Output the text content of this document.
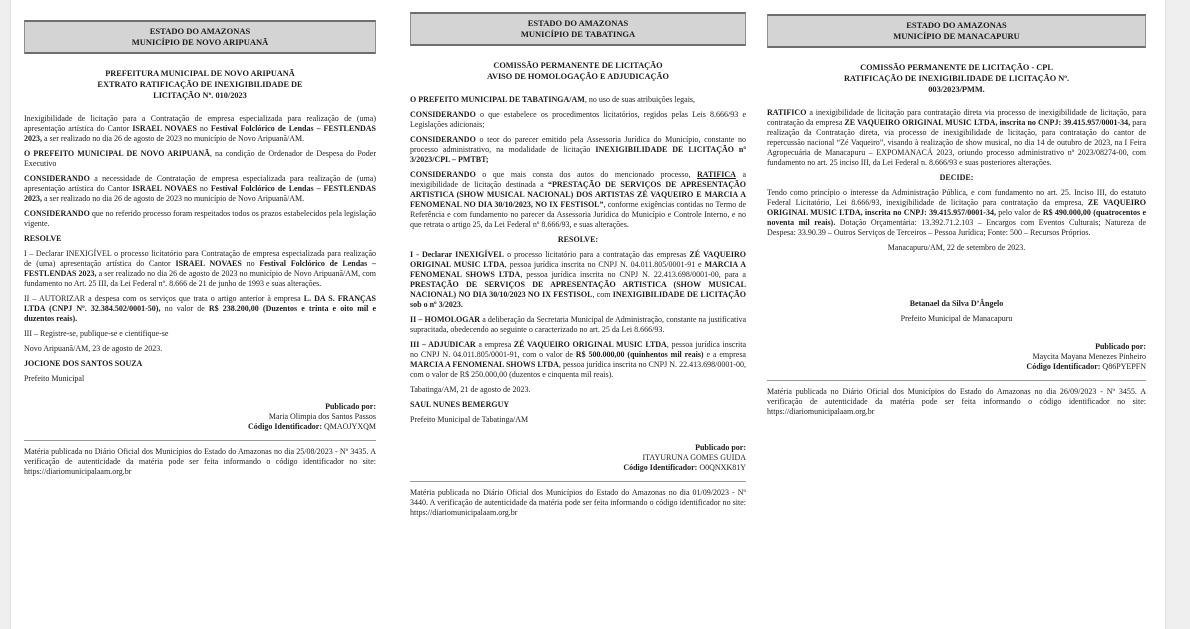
ESTADO DO AMAZONAS
MUNICÍPIO DE NOVO ARIPUANÃ
PREFEITURA MUNICIPAL DE NOVO ARIPUANÃ
EXTRATO RATIFICAÇÃO DE INEXIGIBILIDADE DE
LICITAÇÃO Nº. 010/2023

Inexigibilidade de licitação para a Contratação de empresa especializada para realização de (uma) apresentação artística do Cantor ISRAEL NOVAES no Festival Folclórico de Lendas – FESTLENDAS 2023, a ser realizado no dia 26 de agosto de 2023 no município de Novo Aripuanã/AM.

O PREFEITO MUNICIPAL DE NOVO ARIPUANÃ, na condição de Ordenador de Despesa do Poder Executivo

CONSIDERANDO a necessidade de Contratação de empresa especializada para realização de (uma) apresentação artística do Cantor ISRAEL NOVAES no Festival Folclórico de Lendas – FESTLENDAS 2023, a ser realizado no dia 26 de agosto de 2023 no município de Novo Aripuanã/AM.

CONSIDERANDO que no referido processo foram respeitados todos os prazos estabelecidos pela legislação vigente.

RESOLVE

I – Declarar INEXIGÍVEL o processo licitatório para Contratação de empresa especializada para realização de (uma) apresentação artística do Cantor ISRAEL NOVAES no Festival Folclórico de Lendas – FESTLENDAS 2023, a ser realizado no dia 26 de agosto de 2023 no município de Novo Aripuanã/AM, com fundamento no Art. 25 III, da Lei Federal nº. 8.666 de 21 de junho de 1993 e suas alterações.

II – AUTORIZAR a despesa com os serviços que trata o artigo anterior à empresa L. DA S. FRANÇAS LTDA (CNPJ Nº. 32.384.502/0001-50), no valor de R$ 238.200,00 (Duzentos e trinta e oito mil e duzentos reais).

III – Registre-se, publique-se e cientifique-se

Novo Aripuanã/AM, 23 de agosto de 2023.

JOCIONE DOS SANTOS SOUZA

Prefeito Municipal

Publicado por:
Maria Olimpia dos Santos Passos
Código Identificador: QMAOJYXQM

Matéria publicada no Diário Oficial dos Municípios do Estado do Amazonas no dia 25/08/2023 - Nº 3435. A verificação de autenticidade da matéria pode ser feita informando o código identificador no site: https://diariomunicipalaam.org.br

ESTADO DO AMAZONAS
MUNICÍPIO DE TABATINGA
COMISSÃO PERMANENTE DE LICITAÇÃO
AVISO DE HOMOLOGAÇÃO E ADJUDICAÇÃO

O PREFEITO MUNICIPAL DE TABATINGA/AM, no uso de suas atribuições legais,

CONSIDERANDO o que estabelece os procedimentos licitatórios, regidos pelas Leis 8.666/93 e Legislações adicionais;

CONSIDERANDO o teor do parecer emitido pela Assessoria Jurídica do Município, constante no processo administrativo, na modalidade de licitação INEXIGIBILIDADE DE LICITAÇÃO nº 3/2023/CPL – PMTBT;

CONSIDERANDO o que mais consta dos autos do mencionado processo, RATIFICA a inexigibilidade de licitação destinada a “PRESTAÇÃO DE SERVIÇOS DE APRESENTAÇÃO ARTISTICA (SHOW MUSICAL NACIONAL) DOS ARTISTAS ZÉ VAQUEIRO E MARCIA A FENOMENAL NO DIA 30/10/2023, NO IX FESTISOL”, conforme exigências contidas no Termo de Referência e com fundamento no parecer da Assessoria Jurídica do Município e Controle Interno, e no que retrata o artigo 25, da Lei Federal nº 8.666/93, e suas alterações.

RESOLVE:

I - Declarar INEXIGÍVEL o processo licitatório para a contratação das empresas ZÉ VAQUEIRO ORIGINAL MUSIC LTDA, pessoa jurídica inscrita no CNPJ N. 04.011.805/0001-91 e MARCIA A FENOMENAL SHOWS LTDA, pessoa jurídica inscrita no CNPJ N. 22.413.698/0001-00, para a PRESTAÇÃO DE SERVIÇOS DE APRESENTAÇÃO ARTISTICA (SHOW MUSICAL NACIONAL) NO DIA 30/10/2023 NO IX FESTISOL, com INEXIGIBILIDADE DE LICITAÇÃO sob o nº 3/2023.

II – HOMOLOGAR a deliberação da Secretaria Municipal de Administração, constante na justificativa supracitada, obedecendo ao seguinte o caracterizado no art. 25 da Lei 8.666/93.

III – ADJUDICAR a empresa ZÉ VAQUEIRO ORIGINAL MUSIC LTDA, pessoa jurídica inscrita no CNPJ N. 04.011.805/0001-91, com o valor de R$ 500.000,00 (quinhentos mil reais) e a empresa MARCIA A FENOMENAL SHOWS LTDA, pessoa jurídica inscrita no CNPJ N. 22.413.698/0001-00, com o valor de R$ 250.000,00 (duzentos e cinquenta mil reais).

Tabatinga/AM, 21 de agosto de 2023.

SAUL NUNES BEMERGUY

Prefeito Municipal de Tabatinga/AM

Publicado por:
ITAYURUNA GOMES GUIDA
Código Identificador: O0QNXK81Y

Matéria publicada no Diário Oficial dos Municípios do Estado do Amazonas no dia 01/09/2023 - Nº 3440. A verificação de autenticidade da matéria pode ser feita informando o código identificador no site: https://diariomunicipalaam.org.br

ESTADO DO AMAZONAS
MUNICÍPIO DE MANACAPURU
COMISSÃO PERMANENTE DE LICITAÇÃO - CPL
RATIFICAÇÃO DE INEXIGIBILIDADE DE LICITAÇÃO Nº.
003/2023/PMM.

RATIFICO a inexigibilidade de licitação para contratação direta via processo de inexigibilidade de licitação, para contratação da empresa ZE VAQUEIRO ORIGINAL MUSIC LTDA, inscrita no CNPJ: 39.415.957/0001-34, para realização da Contratação direta, via processo de inexigibilidade de licitação, para contratação do cantor de repercussão nacional “Zé Vaqueiro”, visando à realização de show musical, no dia 14 de outubro de 2023, na I Feira Agropecuária de Manacapuru – EXPOMANACÁ 2023, oriundo processo administrativo nº 2023/08274-00, com fundamento no art. 25 inciso III, da Lei Federal n. 8.666/93 e suas posteriores alterações.

DECIDE:

Tendo como princípio o interesse da Administração Pública, e com fundamento no art. 25. Inciso III, do estatuto Federal Licitatório, Lei 8.666/93, inexigibilidade de licitação para contratação da empresa, ZE VAQUEIRO ORIGINAL MUSIC LTDA, inscrita no CNPJ: 39.415.957/0001-34, pelo valor de R$ 490.000,00 (quatrocentos e noventa mil reais). Dotação Orçamentária: 13.392.71.2.103 – Encargos com Eventos Culturais; Natureza de Despesa: 33.90.39 – Outros Serviços de Terceiros – Pessoa Jurídica; Fonte: 500 – Recursos Próprios.

Manacapuru/AM, 22 de setembro de 2023.

Betanael da Silva D’Ângelo

Prefeito Municipal de Manacapuru

Publicado por:
Maycita Mayana Menezes Pinheiro
Código Identificador: Q86PYEPFN

Matéria publicada no Diário Oficial dos Municípios do Estado do Amazonas no dia 26/09/2023 - Nº 3455. A verificação de autenticidade da matéria pode ser feita informando o código identificador no site: https://diariomunicipalaam.org.br
